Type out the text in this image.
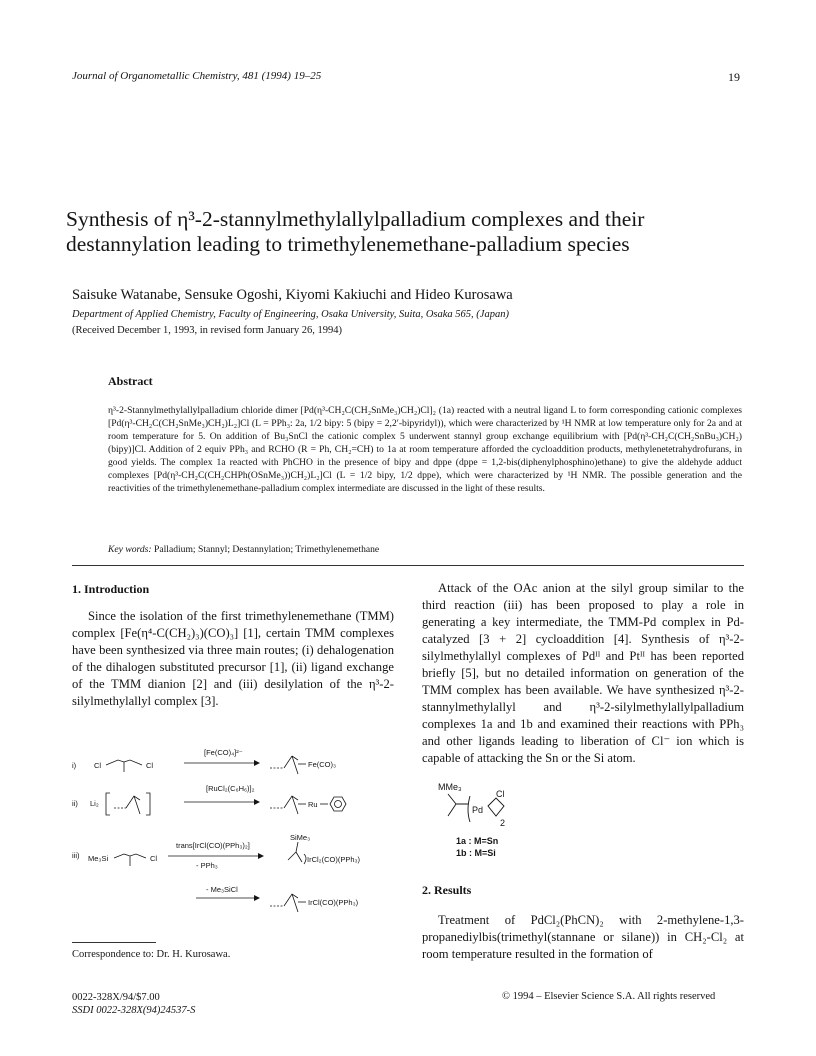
Journal of Organometallic Chemistry, 481 (1994) 19–25	19
Synthesis of η³-2-stannylmethylallylpalladium complexes and their destannylation leading to trimethylenemethane-palladium species
Saisuke Watanabe, Sensuke Ogoshi, Kiyomi Kakiuchi and Hideo Kurosawa
Department of Applied Chemistry, Faculty of Engineering, Osaka University, Suita, Osaka 565, (Japan)
(Received December 1, 1993, in revised form January 26, 1994)
Abstract
η³-2-Stannylmethylallylpalladium chloride dimer [Pd(η³-CH₂C(CH₂SnMe₃)CH₂)Cl]₂ (1a) reacted with a neutral ligand L to form corresponding cationic complexes [Pd(η³-CH₂C(CH₂SnMe₃)CH₂)L₂]Cl (L = PPh₃: 2a, 1/2 bipy: 5 (bipy = 2,2′-bipyridyl)), which were characterized by ¹H NMR at low temperature only for 2a and at room temperature for 5. On addition of Bu₃SnCl the cationic complex 5 underwent stannyl group exchange equilibrium with [Pd(η³-CH₂C(CH₂SnBu₃)CH₂) (bipy)]Cl. Addition of 2 equiv PPh₃ and RCHO (R = Ph, CH₂=CH) to 1a at room temperature afforded the cycloaddition products, methylenetetrahydrofurans, in good yields. The complex 1a reacted with PhCHO in the presence of bipy and dppe (dppe = 1,2-bis(diphenylphosphino)ethane) to give the aldehyde adduct complexes [Pd(η³-CH₂C(CH₂CHPh(OSnMe₃))CH₂)L₂]Cl (L = 1/2 bipy, 1/2 dppe), which were characterized by ¹H NMR. The possible generation and the reactivities of the trimethylenemethane-palladium complex intermediate are discussed in the light of these results.
Key words: Palladium; Stannyl; Destannylation; Trimethylenemethane
1. Introduction
Since the isolation of the first trimethylenemethane (TMM) complex [Fe(η⁴-C(CH₂)₃)(CO)₃] [1], certain TMM complexes have been synthesized via three main routes; (i) dehalogenation of the dihalogen substituted precursor [1], (ii) ligand exchange of the TMM dianion [2] and (iii) desilylation of the η³-2-silylmethylallyl complex [3].
i) Cl	Cl
[Fe(CO)₄]²⁻
Fe(CO)₃
ii) Li₂
[RuCl₂(C₆H₆)]₂
Ru
iii) Me₃Si	Cl
trans[IrCl(CO)(PPh₃)₂]
- PPh₃
SiMe₃
IrCl₂(CO)(PPh₃)
- Me₃SiCl
IrCl(CO)(PPh₃)
Attack of the OAc anion at the silyl group similar to the third reaction (iii) has been proposed to play a role in generating a key intermediate, the TMM-Pd complex in Pd-catalyzed [3 + 2] cycloaddition [4]. Synthesis of η³-2-silylmethylallyl complexes of Pdᴵᴵ and Ptᴵᴵ has been reported briefly [5], but no detailed information on generation of the TMM complex has been available. We have synthesized η³-2-stannylmethylallyl and η³-2-silylmethylallylpalladium complexes 1a and 1b and examined their reactions with PPh₃ and other ligands leading to liberation of Cl⁻ ion which is capable of attacking the Sn or the Si atom.
MMe₃
Pd
Cl
2
1a : M=Sn
1b : M=Si
2. Results
Treatment of PdCl₂(PhCN)₂ with 2-methylene-1,3-propanediylbis(trimethyl(stannane or silane)) in CH₂-Cl₂ at room temperature resulted in the formation of
Correspondence to: Dr. H. Kurosawa.
0022-328X/94/$7.00
SSDI 0022-328X(94)24537-S
© 1994 – Elsevier Science S.A. All rights reserved
